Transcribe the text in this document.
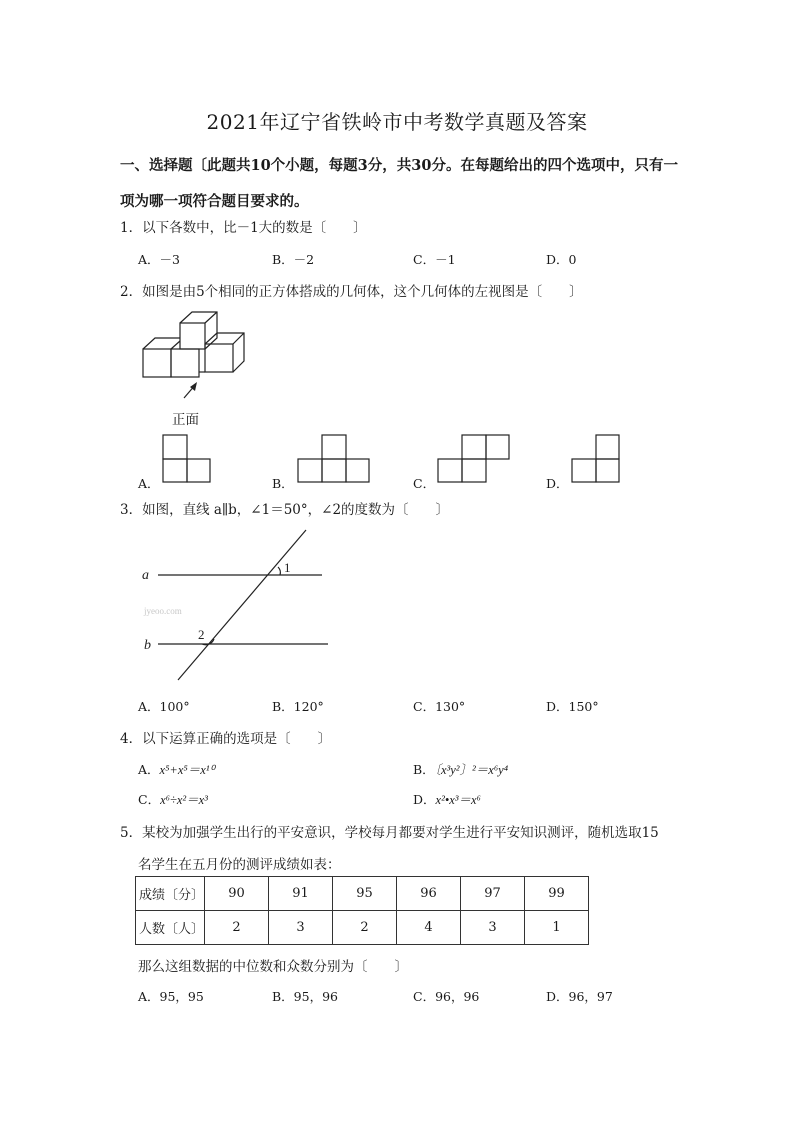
2021年辽宁省铁岭市中考数学真题及答案
一、选择题〔此题共10个小题，每题3分，共30分。在每题给出的四个选项中，只有一
项为哪一项符合题目要求的。
1．以下各数中，比－1大的数是〔　　〕
A．－3	B．－2	C．－1	D．0
2．如图是由5个相同的正方体搭成的几何体，这个几何体的左视图是〔　　〕
正面
A．	B．	C．	D．
3．如图，直线 a∥b，∠1＝50°，∠2的度数为〔　　〕
a
b
1
2
jyeoo.com
A．100°	B．120°	C．130°	D．150°
4．以下运算正确的选项是〔　　〕
A．x⁵+x⁵＝x¹⁰	B．〔x³y²〕²＝x⁶y⁴
C．x⁶÷x²＝x³	D．x²•x³＝x⁶
5．某校为加强学生出行的平安意识，学校每月都要对学生进行平安知识测评，随机选取15
名学生在五月份的测评成绩如表：
成绩〔分〕	90	91	95	96	97	99
人数〔人〕	2	3	2	4	3	1
那么这组数据的中位数和众数分别为〔　　〕
A．95，95	B．95，96	C．96，96	D．96，97
